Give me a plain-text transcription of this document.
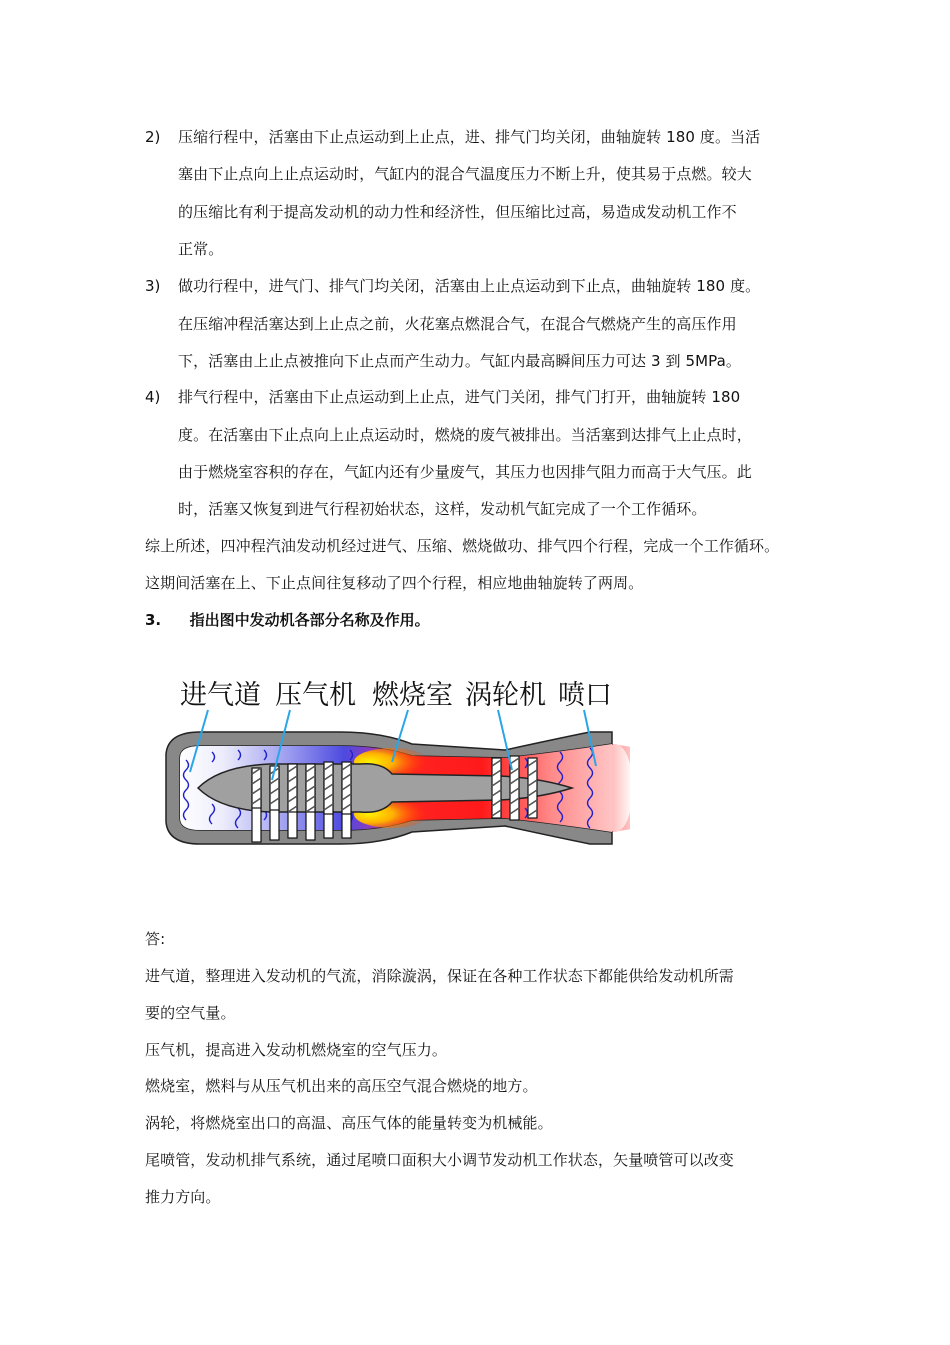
2) 压缩行程中，活塞由下止点运动到上止点，进、排气门均关闭，曲轴旋转 180 度。当活
塞由下止点向上止点运动时，气缸内的混合气温度压力不断上升，使其易于点燃。较大
的压缩比有利于提高发动机的动力性和经济性，但压缩比过高，易造成发动机工作不
正常。
3) 做功行程中，进气门、排气门均关闭，活塞由上止点运动到下止点，曲轴旋转 180 度。
在压缩冲程活塞达到上止点之前，火花塞点燃混合气，在混合气燃烧产生的高压作用
下，活塞由上止点被推向下止点而产生动力。气缸内最高瞬间压力可达 3 到 5MPa。
4) 排气行程中，活塞由下止点运动到上止点，进气门关闭，排气门打开，曲轴旋转 180
度。在活塞由下止点向上止点运动时，燃烧的废气被排出。当活塞到达排气上止点时，
由于燃烧室容积的存在，气缸内还有少量废气，其压力也因排气阻力而高于大气压。此
时，活塞又恢复到进气行程初始状态，这样，发动机气缸完成了一个工作循环。
综上所述，四冲程汽油发动机经过进气、压缩、燃烧做功、排气四个行程，完成一个工作循环。
这期间活塞在上、下止点间往复移动了四个行程，相应地曲轴旋转了两周。
3. 指出图中发动机各部分名称及作用。
进气道 压气机 燃烧室 涡轮机 喷口
答:
进气道，整理进入发动机的气流，消除漩涡，保证在各种工作状态下都能供给发动机所需
要的空气量。
压气机，提高进入发动机燃烧室的空气压力。
燃烧室，燃料与从压气机出来的高压空气混合燃烧的地方。
涡轮，将燃烧室出口的高温、高压气体的能量转变为机械能。
尾喷管，发动机排气系统，通过尾喷口面积大小调节发动机工作状态，矢量喷管可以改变
推力方向。
